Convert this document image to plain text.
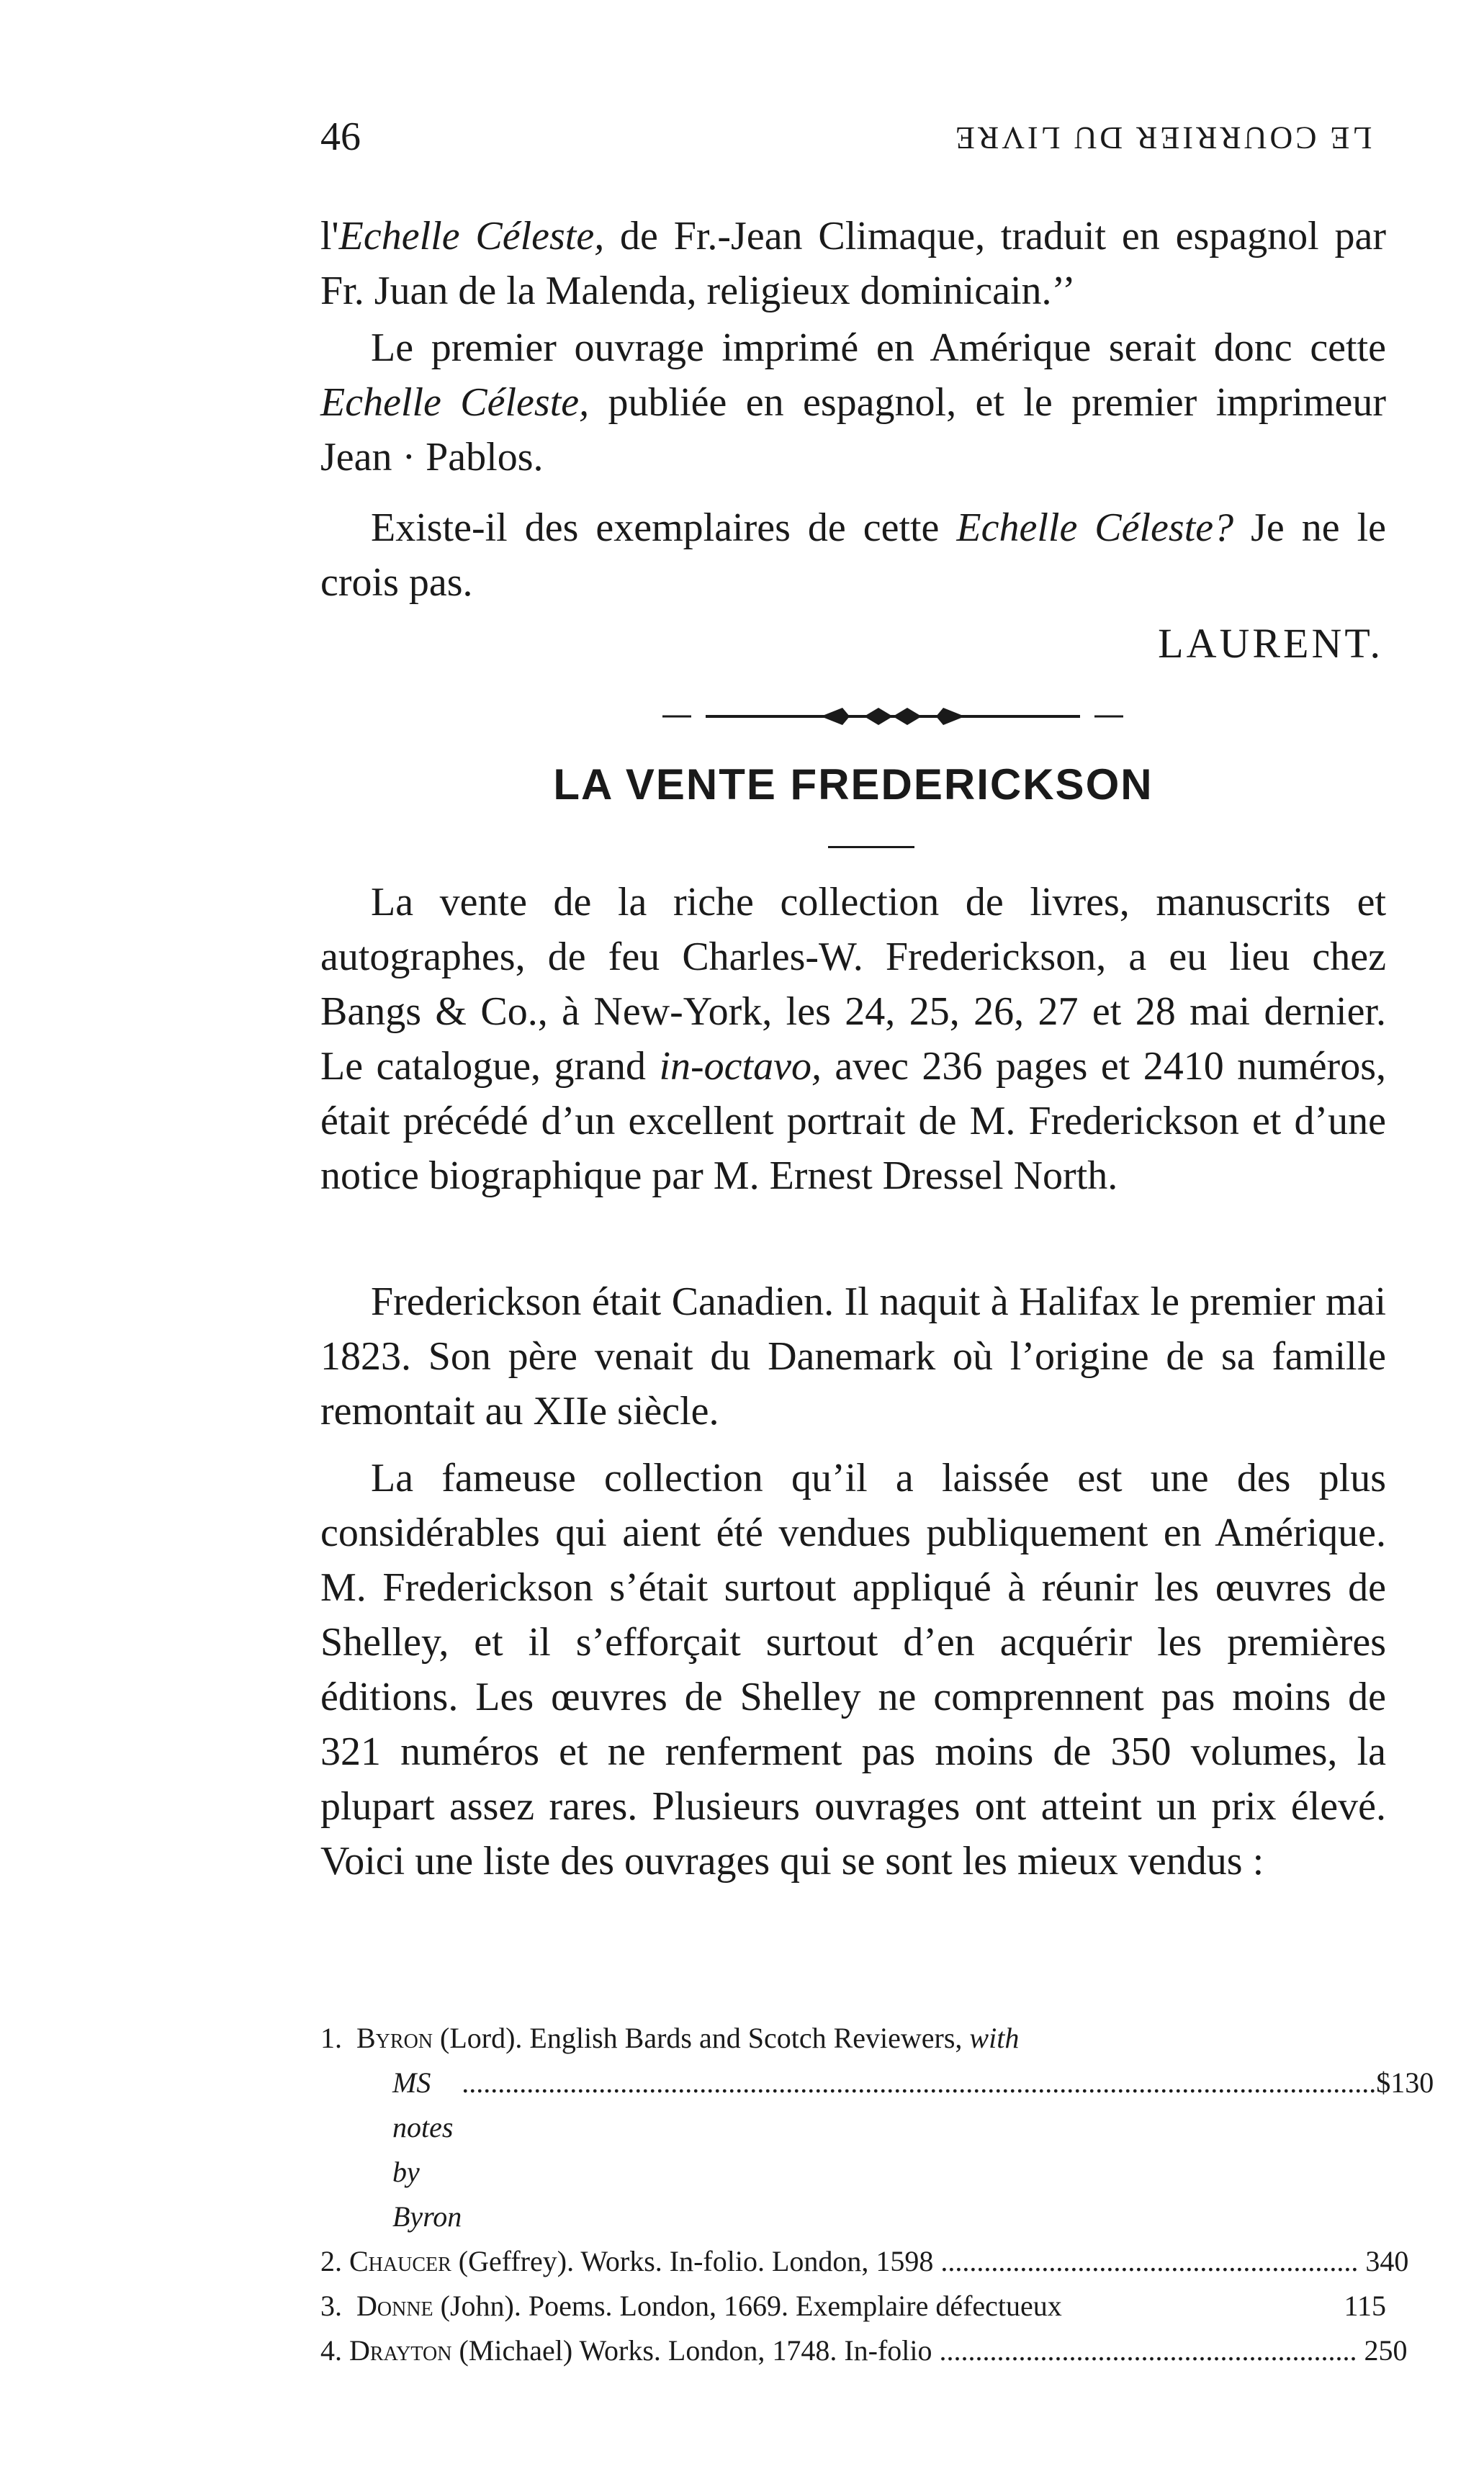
46	LE COURRIER DU LIVRE
l'Echelle Céleste, de Fr.-Jean Climaque, traduit en espagnol par Fr. Juan de la Malenda, religieux dominicain.’’
Le premier ouvrage imprimé en Amérique serait donc cette Echelle Céleste, publiée en espagnol, et le premier imprimeur Jean · Pablos.
Existe-il des exemplaires de cette Echelle Céleste? Je ne le crois pas.
LAURENT.
LA VENTE FREDERICKSON
La vente de la riche collection de livres, manuscrits et autographes, de feu Charles-W. Frederickson, a eu lieu chez Bangs & Co., à New-York, les 24, 25, 26, 27 et 28 mai dernier. Le catalogue, grand in-octavo, avec 236 pages et 2410 numéros, était précédé d’un excellent portrait de M. Frederickson et d’une notice biographique par M. Ernest Dressel North.
Frederickson était Canadien. Il naquit à Halifax le premier mai 1823. Son père venait du Danemark où l’origine de sa famille remontait au XIIe siècle.
La fameuse collection qu’il a laissée est une des plus considérables qui aient été vendues publiquement en Amérique. M. Frederickson s’était surtout appliqué à réunir les œuvres de Shelley, et il s’efforçait surtout d’en acquérir les premières éditions. Les œuvres de Shelley ne comprennent pas moins de 321 numéros et ne renferment pas moins de 350 volumes, la plupart assez rares. Plusieurs ouvrages ont atteint un prix élevé. Voici une liste des ouvrages qui se sont les mieux vendus :
1. Byron (Lord). English Bards and Scotch Reviewers, with
MS notes by Byron
............................................................................................................................... $130
2. Chaucer (Geffrey). Works. In-folio. London, 1598 .......................................................... 340
3. Donne (John). Poems. London, 1669. Exemplaire défectueux	115
4. Drayton (Michael) Works. London, 1748. In-folio .......................................................... 250
